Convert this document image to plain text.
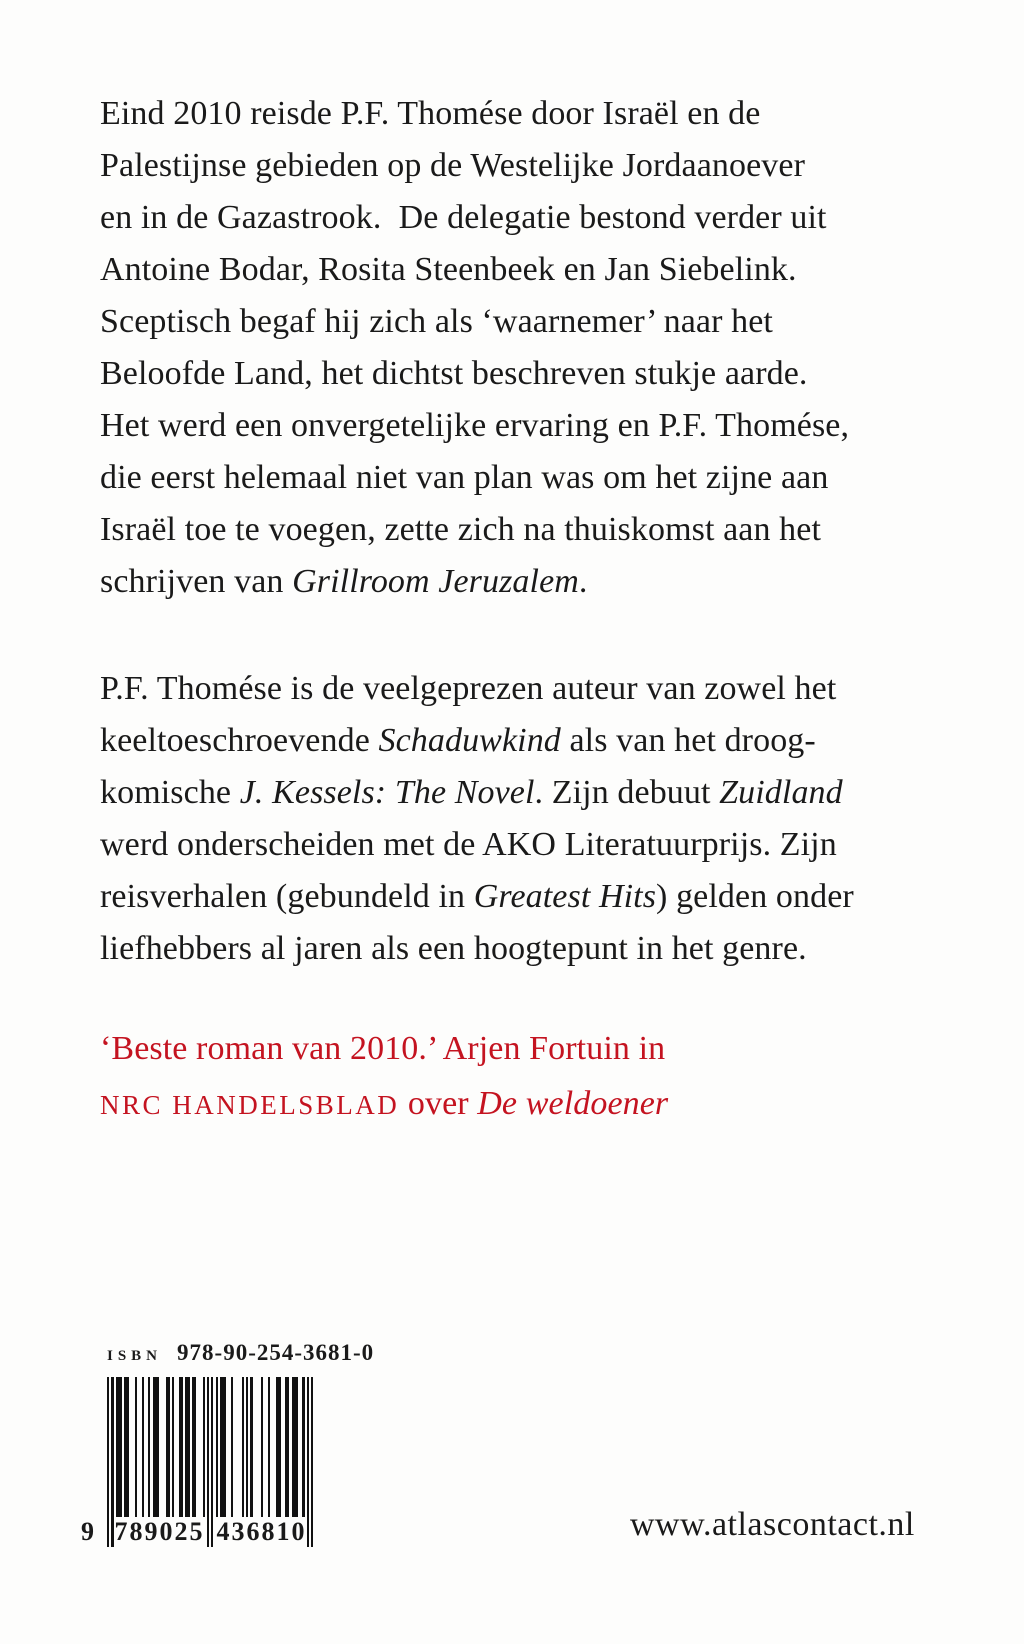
Eind 2010 reisde P.F. Thomése door Israël en de
Palestijnse gebieden op de Westelijke Jordaanoever
en in de Gazastrook.  De delegatie bestond verder uit
Antoine Bodar, Rosita Steenbeek en Jan Siebelink.
Sceptisch begaf hij zich als ‘waarnemer’ naar het
Beloofde Land, het dichtst beschreven stukje aarde.
Het werd een onvergetelijke ervaring en P.F. Thomése,
die eerst helemaal niet van plan was om het zijne aan
Israël toe te voegen, zette zich na thuiskomst aan het
schrijven van Grillroom Jeruzalem.
P.F. Thomése is de veelgeprezen auteur van zowel het
keeltoeschroevende Schaduwkind als van het droog-
komische J. Kessels: The Novel. Zijn debuut Zuidland
werd onderscheiden met de AKO Literatuurprijs. Zijn
reisverhalen (gebundeld in Greatest Hits) gelden onder
liefhebbers al jaren als een hoogtepunt in het genre.
‘Beste roman van 2010.’ Arjen Fortuin in
NRC HANDELSBLAD over De weldoener
ISBN 978-90-254-3681-0
9 789025 436810	www.atlascontact.nl
